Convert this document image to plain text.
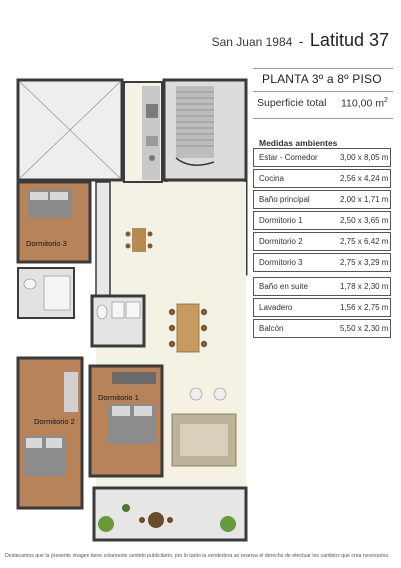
San Juan 1984 - Latitud 37
PLANTA 3º a 8º PISO
Superficie total 110,00 $m^2$
Medidas ambientes
Estar - Comedor	3,00 x 8,05 m
Cocina	2,56 x 4,24 m
Baño principal	2,00 x 1,71 m
Dormitorio 1	2,50 x 3,65 m
Dormitorio 2	2,75 x 6,42 m
Dormitorio 3	2,75 x 3,29 m
Baño en suite	1,78 x 2,30 m
Lavadero	1,56 x 2,75 m
Balcón	5,50 x 2,30 m
Dormitorio 3
Dormitorio 2
Dormitorio 1
Destacamos que la presente imagen tiene solamente sentido publicitario, por lo tanto la vendedora se reserva el derecho de efectuar los cambios que crea necesarios.
